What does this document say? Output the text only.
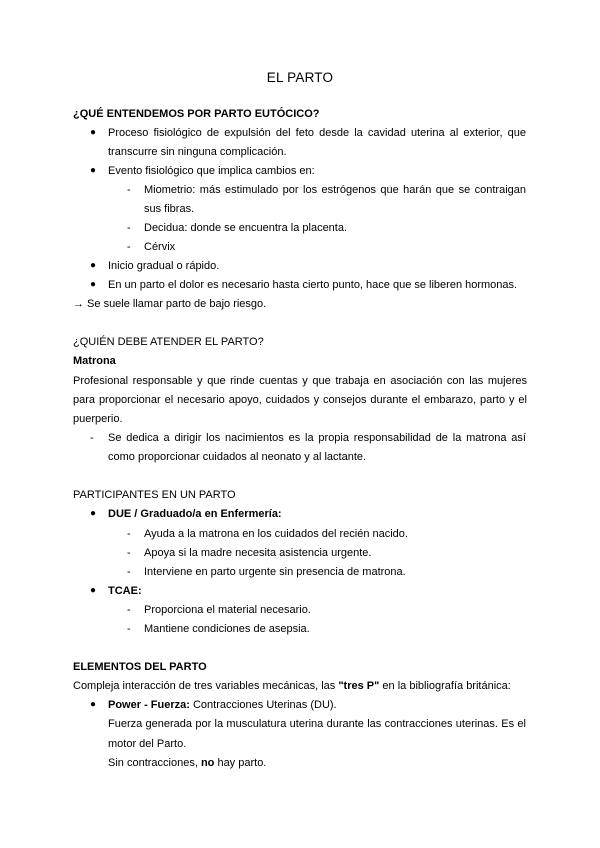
EL PARTO
¿QUÉ ENTENDEMOS POR PARTO EUTÓCICO?
● Proceso fisiológico de expulsión del feto desde la cavidad uterina al exterior, que
transcurre sin ninguna complicación.
● Evento fisiológico que implica cambios en:
- Miometrio: más estimulado por los estrógenos que harán que se contraigan
sus fibras.
- Decidua: donde se encuentra la placenta.
- Cérvix
● Inicio gradual o rápido.
● En un parto el dolor es necesario hasta cierto punto, hace que se liberen hormonas.
→ Se suele llamar parto de bajo riesgo.
¿QUIÉN DEBE ATENDER EL PARTO?
Matrona
Profesional responsable y que rinde cuentas y que trabaja en asociación con las mujeres
para proporcionar el necesario apoyo, cuidados y consejos durante el embarazo, parto y el
puerperio.
- Se dedica a dirigir los nacimientos es la propia responsabilidad de la matrona así
como proporcionar cuidados al neonato y al lactante.
PARTICIPANTES EN UN PARTO
● DUE / Graduado/a en Enfermería:
- Ayuda a la matrona en los cuidados del recién nacido.
- Apoya si la madre necesita asistencia urgente.
- Interviene en parto urgente sin presencia de matrona.
● TCAE:
- Proporciona el material necesario.
- Mantiene condiciones de asepsia.
ELEMENTOS DEL PARTO
Compleja interacción de tres variables mecánicas, las "tres P" en la bibliografía británica:
● Power - Fuerza: Contracciones Uterinas (DU).
Fuerza generada por la musculatura uterina durante las contracciones uterinas. Es el
motor del Parto.
Sin contracciones, no hay parto.
